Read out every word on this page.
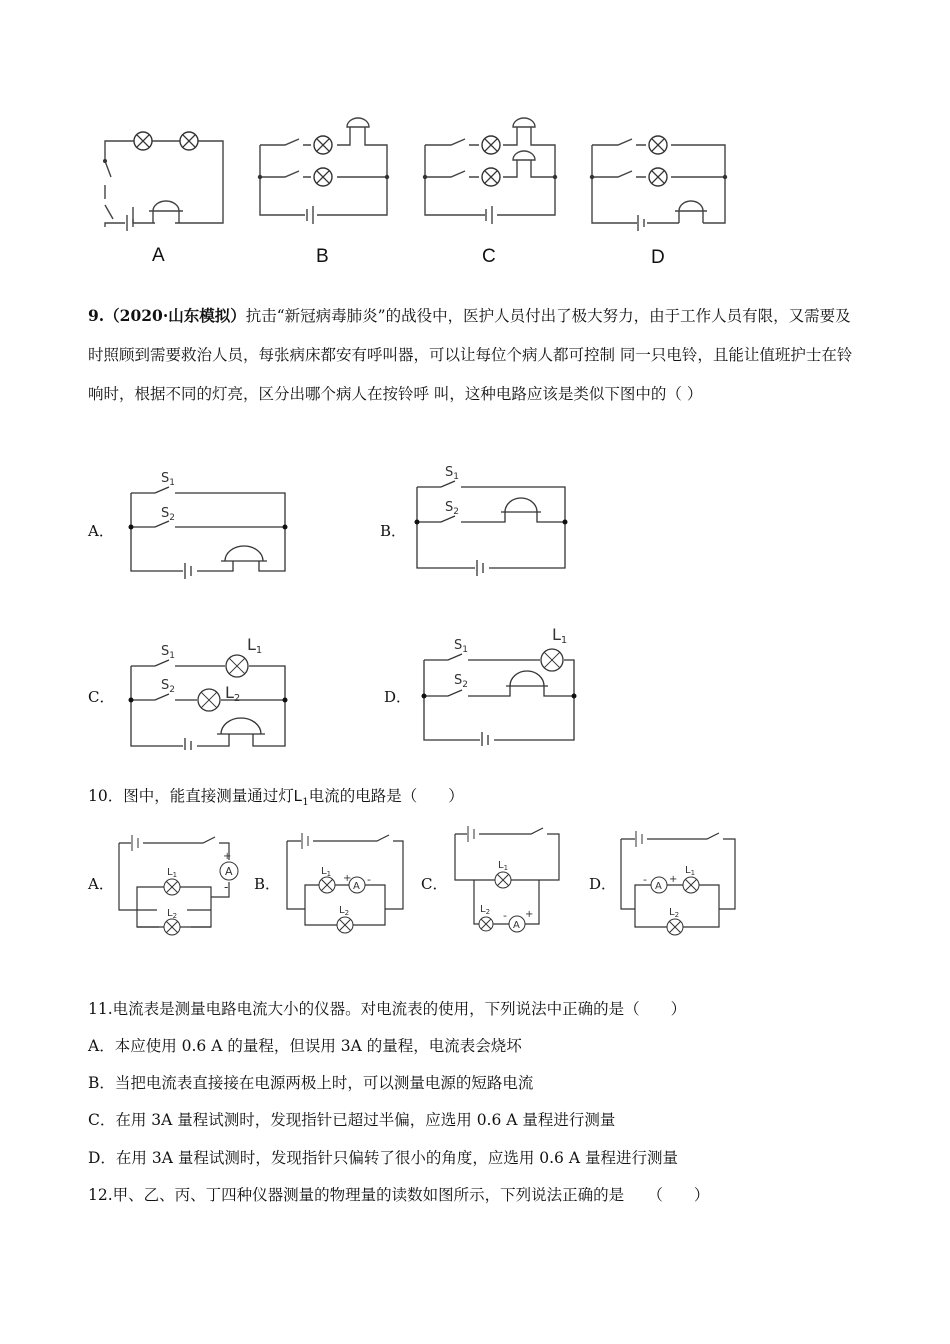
A	B	C	D
9.（2020·山东模拟）抗击“新冠病毒肺炎”的战役中，医护人员付出了极大努力，由于工作人员有限，又需要及时照顾到需要救治人员，每张病床都安有呼叫器，可以让每位个病人都可控制 同一只电铃，且能让值班护士在铃响时，根据不同的灯亮，区分出哪个病人在按铃呼 叫，这种电路应该是类似下图中的（ ）
A．
$S_1$
$S_2$
B．
$S_1$
$S_2$
C．
$S_1$
$S_2$
L1
L2	D．
$S_1$
$S_2$
L1
10．图中，能直接测量通过灯$L_1$电流的电路是（　　）
A．
A
+
-
$L_1$
$L_2$
B．	A
+ -
$L_1$
$L_2$
C．
A
- +
$L_1$
$L_2$
D．	A
- +
$L_1$
$L_2$
11.电流表是测量电路电流大小的仪器。对电流表的使用，下列说法中正确的是（　　）
A．本应使用 0.6 A 的量程，但误用 3A 的量程，电流表会烧坏
B．当把电流表直接接在电源两极上时，可以测量电源的短路电流
C．在用 3A 量程试测时，发现指针已超过半偏，应选用 0.6 A 量程进行测量
D．在用 3A 量程试测时，发现指针只偏转了很小的角度，应选用 0.6 A 量程进行测量
12.甲、乙、丙、丁四种仪器测量的物理量的读数如图所示，下列说法正确的是　　（　　）
